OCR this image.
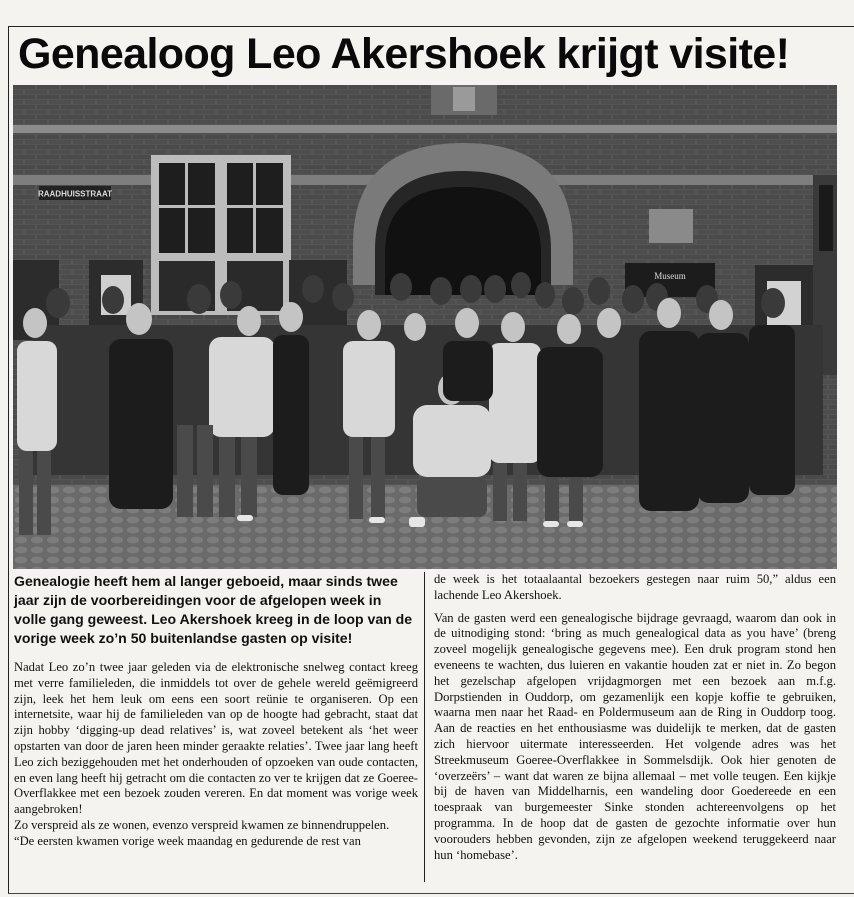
Genealoog Leo Akershoek krijgt visite!
RAADHUISSTRAAT
Museum
Genealogie heeft hem al langer geboeid, maar sinds twee jaar zijn de voorbereidingen voor de afgelopen week in volle gang geweest. Leo Akershoek kreeg in de loop van de vorige week zo’n 50 buitenlandse gasten op visite!

Nadat Leo zo’n twee jaar geleden via de elektronische snelweg contact kreeg met verre familieleden, die inmiddels tot over de gehele wereld geëmigreerd zijn, leek het hem leuk om eens een soort reünie te organiseren. Op een internetsite, waar hij de familieleden van op de hoogte had gebracht, staat dat zijn hobby ‘digging-up dead relatives’ is, wat zoveel betekent als ‘het weer opstarten van door de jaren heen minder geraakte relaties’. Twee jaar lang heeft Leo zich beziggehouden met het onderhouden of opzoeken van oude contacten, en even lang heeft hij getracht om die contacten zo ver te krijgen dat ze Goeree-Overflakkee met een bezoek zouden vereren. En dat moment was vorige week aangebroken!

Zo verspreid als ze wonen, evenzo verspreid kwamen ze binnendruppelen.

“De eersten kwamen vorige week maandag en gedurende de rest van

de week is het totaalaantal bezoekers gestegen naar ruim 50,” aldus een lachende Leo Akershoek.

Van de gasten werd een genealogische bijdrage gevraagd, waarom dan ook in de uitnodiging stond: ‘bring as much genealogical data as you have’ (breng zoveel mogelijk genealogische gegevens mee). Een druk program stond hen eveneens te wachten, dus luieren en vakantie houden zat er niet in. Zo begon het gezelschap afgelopen vrijdagmorgen met een bezoek aan m.f.g. Dorpstienden in Ouddorp, om gezamenlijk een kopje koffie te gebruiken, waarna men naar het Raad- en Poldermuseum aan de Ring in Ouddorp toog. Aan de reacties en het enthousiasme was duidelijk te merken, dat de gasten zich hiervoor uitermate interesseerden. Het volgende adres was het Streekmuseum Goeree-Overflakkee in Sommelsdijk. Ook hier genoten de ‘overzeërs’ – want dat waren ze bijna allemaal – met volle teugen. Een kijkje bij de haven van Middelharnis, een wandeling door Goedereede en een toespraak van burgemeester Sinke stonden achtereenvolgens op het programma. In de hoop dat de gasten de gezochte informatie over hun voorouders hebben gevonden, zijn ze afgelopen weekend teruggekeerd naar hun ‘homebase’.
